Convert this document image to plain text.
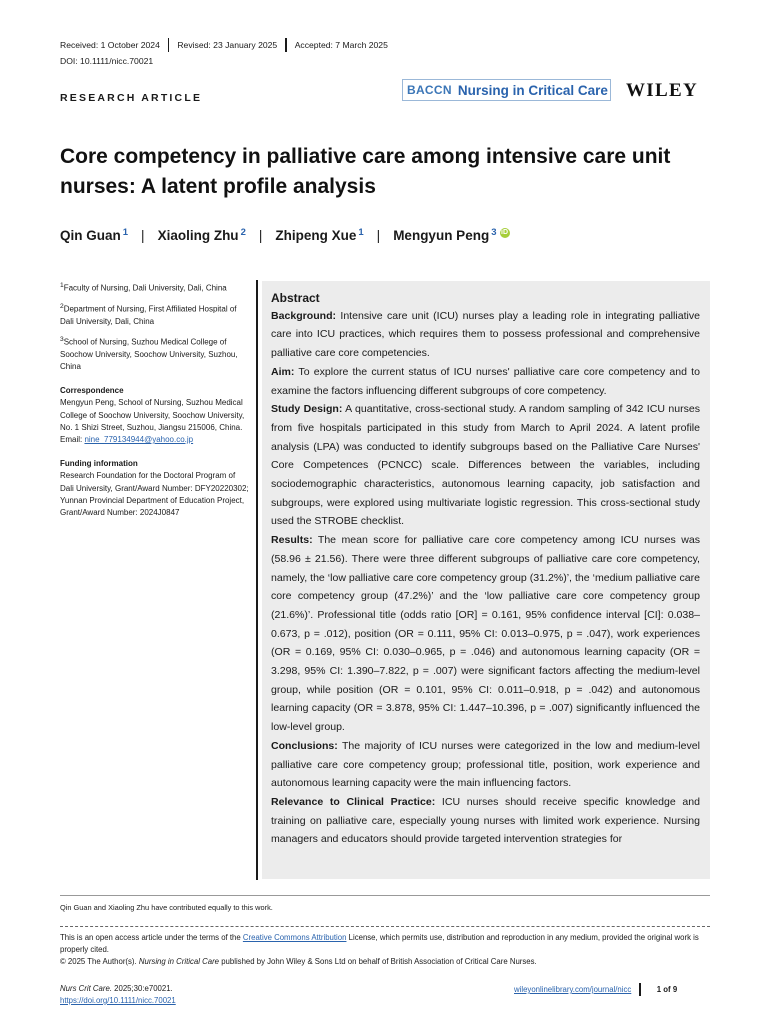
Received: 1 October 2024 Revised: 23 January 2025 Accepted: 7 March 2025
DOI: 10.1111/nicc.70021
RESEARCH ARTICLE
BACCN Nursing in Critical Care WILEY
Core competency in palliative care among intensive care unit nurses: A latent profile analysis
Qin Guan$^1$ | Xiaoling Zhu$^2$ | Zhipeng Xue$^1$ | Mengyun Peng$^3$ iD

$^1$Faculty of Nursing, Dali University, Dali, China

$^2$Department of Nursing, First Affiliated Hospital of Dali University, Dali, China

$^3$School of Nursing, Suzhou Medical College of Soochow University, Soochow University, Suzhou, China

Correspondence

Mengyun Peng, School of Nursing, Suzhou Medical College of Soochow University, Soochow University, No. 1 Shizi Street, Suzhou, Jiangsu 215006, China.
Email: nine_779134944@yahoo.co.jp

Funding information

Research Foundation for the Doctoral Program of Dali University, Grant/Award Number: DFY20220302; Yunnan Provincial Department of Education Project, Grant/Award Number: 2024J0847

Abstract

Background: Intensive care unit (ICU) nurses play a leading role in integrating palliative care into ICU practices, which requires them to possess professional and comprehensive palliative care core competencies.

Aim: To explore the current status of ICU nurses' palliative care core competency and to examine the factors influencing different subgroups of core competency.

Study Design: A quantitative, cross-sectional study. A random sampling of 342 ICU nurses from five hospitals participated in this study from March to April 2024. A latent profile analysis (LPA) was conducted to identify subgroups based on the Palliative Care Nurses' Core Competences (PCNCC) scale. Differences between the variables, including sociodemographic characteristics, autonomous learning capacity, job satisfaction and subgroups, were explored using multivariate logistic regression. This cross-sectional study used the STROBE checklist.

Results: The mean score for palliative care core competency among ICU nurses was (58.96 ± 21.56). There were three different subgroups of palliative care core competency, namely, the ‘low palliative care core competency group (31.2%)’, the ‘medium palliative care core competency group (47.2%)’ and the ‘low palliative care core competency group (21.6%)’. Professional title (odds ratio [OR] = 0.161, 95% confidence interval [CI]: 0.038–0.673, p = .012), position (OR = 0.111, 95% CI: 0.013–0.975, p = .047), work experiences (OR = 0.169, 95% CI: 0.030–0.965, p = .046) and autonomous learning capacity (OR = 3.298, 95% CI: 1.390–7.822, p = .007) were significant factors affecting the medium-level group, while position (OR = 0.101, 95% CI: 0.011–0.918, p = .042) and autonomous learning capacity (OR = 3.878, 95% CI: 1.447–10.396, p = .007) significantly influenced the low-level group.

Conclusions: The majority of ICU nurses were categorized in the low and medium-level palliative care core competency group; professional title, position, work experience and autonomous learning capacity were the main influencing factors.

Relevance to Clinical Practice: ICU nurses should receive specific knowledge and training on palliative care, especially young nurses with limited work experience. Nursing managers and educators should provide targeted intervention strategies for

Qin Guan and Xiaoling Zhu have contributed equally to this work.
This is an open access article under the terms of the Creative Commons Attribution License, which permits use, distribution and reproduction in any medium, provided the original work is properly cited.
© 2025 The Author(s). Nursing in Critical Care published by John Wiley & Sons Ltd on behalf of British Association of Critical Care Nurses.
Nurs Crit Care. 2025;30:e70021.
https://doi.org/10.1111/nicc.70021
wileyonlinelibrary.com/journal/nicc	1 of 9
